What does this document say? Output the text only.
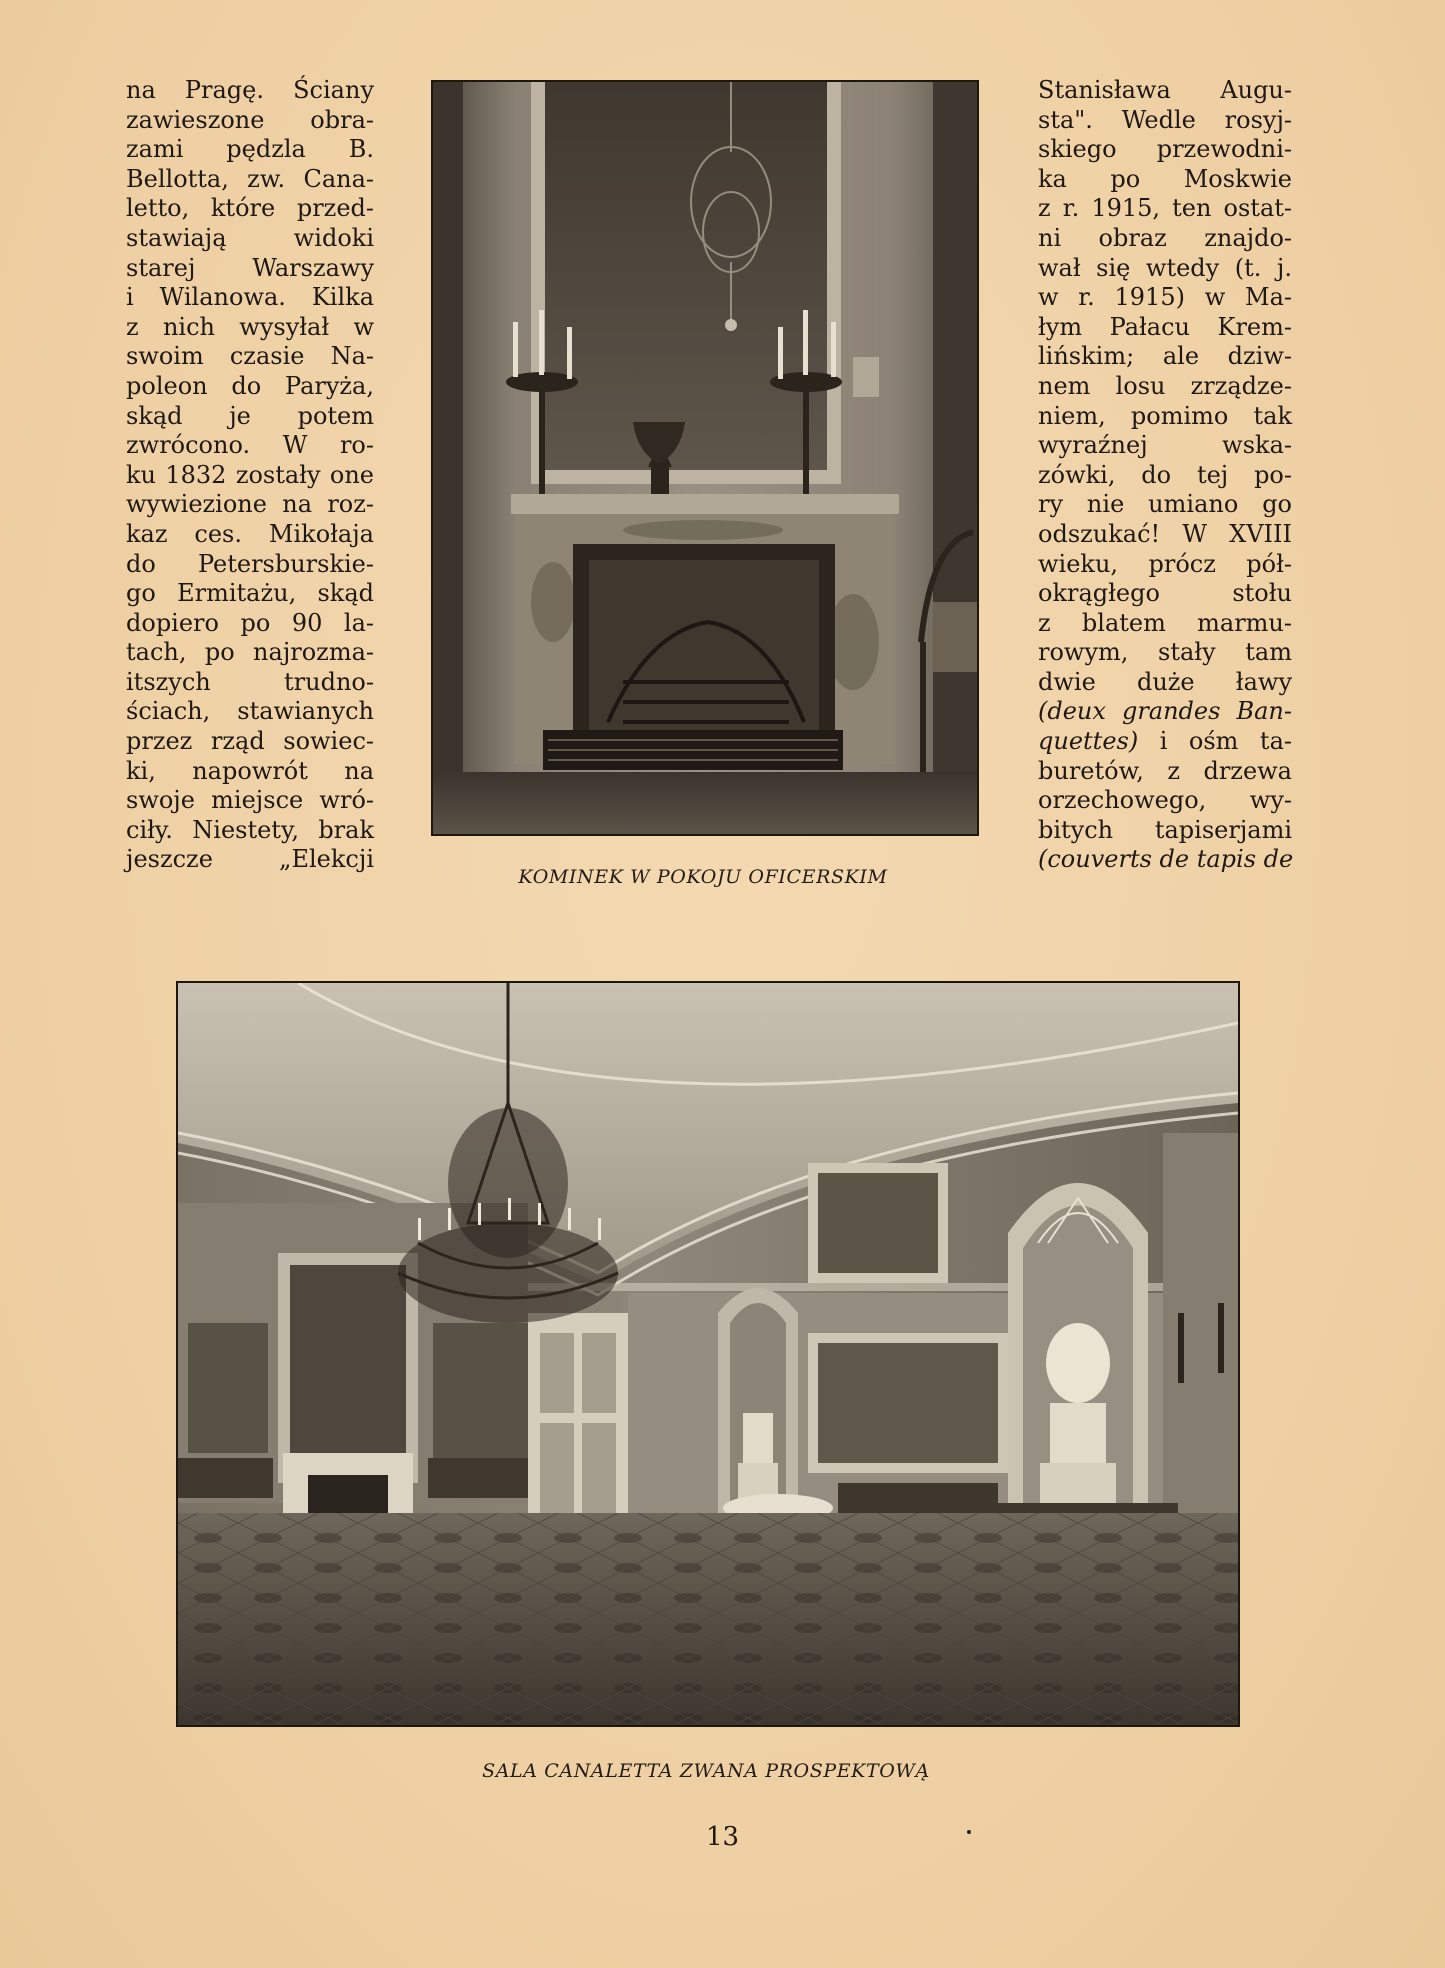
na Pragę. Ściany
zawieszone obra-
zami pędzla B.
Bellotta, zw. Cana-
letto, które przed-
stawiają widoki
starej Warszawy
i Wilanowa. Kilka
z nich wysyłał w
swoim czasie Na-
poleon do Paryża,
skąd je potem
zwrócono. W ro-
ku 1832 zostały one
wywiezione na roz-
kaz ces. Mikołaja
do Petersburskie-
go Ermitażu, skąd
dopiero po 90 la-
tach, po najrozma-
itszych trudno-
ściach, stawianych
przez rząd sowiec-
ki, napowrót na
swoje miejsce wró-
ciły. Niestety, brak
jeszcze „Elekcji
KOMINEK W POKOJU OFICERSKIM
Stanisława Augu-
sta". Wedle rosyj-
skiego przewodni-
ka po Moskwie
z r. 1915, ten ostat-
ni obraz znajdo-
wał się wtedy (t. j.
w r. 1915) w Ma-
łym Pałacu Krem-
lińskim; ale dziw-
nem losu zrządze-
niem, pomimo tak
wyraźnej wska-
zówki, do tej po-
ry nie umiano go
odszukać! W XVIII
wieku, prócz pół-
okrągłego stołu
z blatem marmu-
rowym, stały tam
dwie duże ławy
(deux grandes Ban-
quettes) i ośm ta-
buretów, z drzewa
orzechowego, wy-
bitych tapiserjami
(couverts de tapis de
SALA CANALETTA ZWANA PROSPEKTOWĄ
13
